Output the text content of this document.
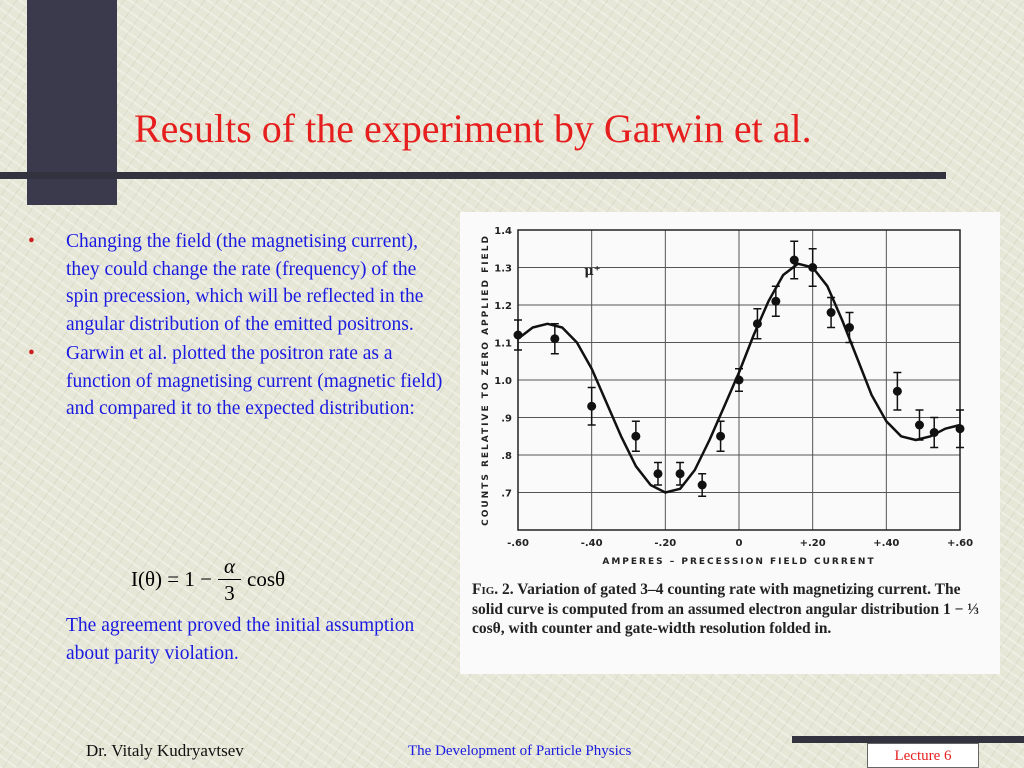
Results of the experiment by Garwin et al.
• Changing the field (the magnetising current), they could change the rate (frequency) of the spin precession, which will be reflected in the angular distribution of the emitted positrons.
• Garwin et al. plotted the positron rate as a function of magnetising current (magnetic field) and compared it to the expected distribution:
$I(\theta) = 1 - \frac{\alpha}{3}$ cosθ

The agreement proved the initial assumption about parity violation.

-.60	-.40	-.20	0	+.20	+.40	+.60
.7
.8
.9
1.0
1.1
1.2
1.3
1.4
AMPERES – PRECESSION FIELD CURRENT
COUNTS RELATIVE TO ZERO APPLIED FIELD	μ⁺

Fig. 2. Variation of gated 3–4 counting rate with magnetizing current. The solid curve is computed from an assumed electron angular distribution 1 − ⅓ cosθ, with counter and gate-width resolution folded in.

Dr. Vitaly Kudryavtsev	The Development of Particle Physics	Lecture 6
